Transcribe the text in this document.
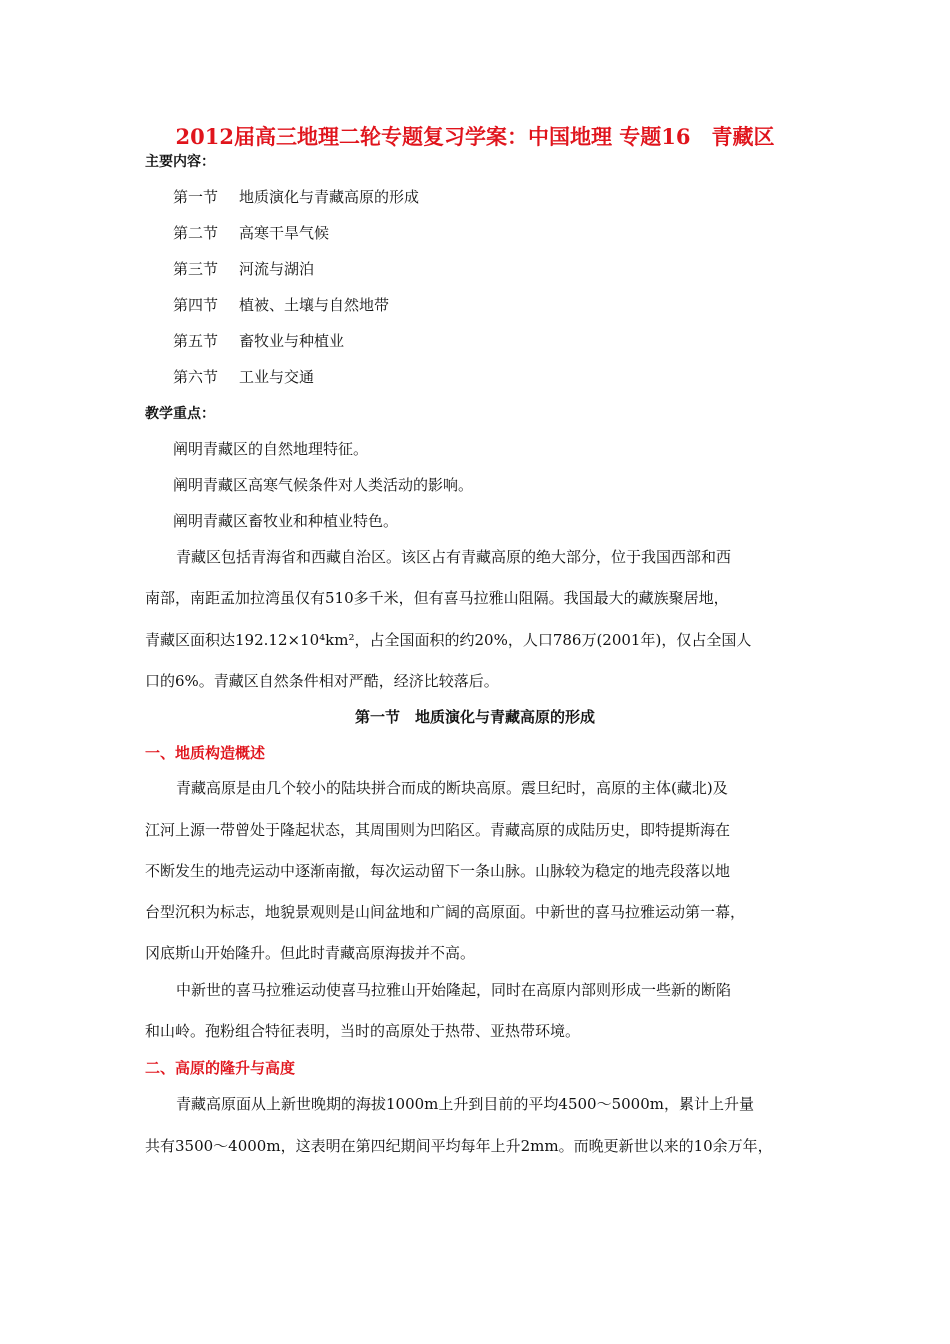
2012届高三地理二轮专题复习学案：中国地理 专题16　青藏区
主要内容：
第一节 地质演化与青藏高原的形成
第二节 高寒干旱气候
第三节 河流与湖泊
第四节 植被、土壤与自然地带
第五节 畜牧业与种植业
第六节 工业与交通
教学重点：
阐明青藏区的自然地理特征。
阐明青藏区高寒气候条件对人类活动的影响。
阐明青藏区畜牧业和种植业特色。
青藏区包括青海省和西藏自治区。该区占有青藏高原的绝大部分，位于我国西部和西
南部，南距孟加拉湾虽仅有510多千米，但有喜马拉雅山阻隔。我国最大的藏族聚居地，
青藏区面积达192.12×10⁴km²，占全国面积的约20%，人口786万(2001年)，仅占全国人
口的6%。青藏区自然条件相对严酷，经济比较落后。
第一节　地质演化与青藏高原的形成
一、地质构造概述
青藏高原是由几个较小的陆块拼合而成的断块高原。震旦纪时，高原的主体(藏北)及
江河上源一带曾处于隆起状态，其周围则为凹陷区。青藏高原的成陆历史，即特提斯海在
不断发生的地壳运动中逐渐南撤，每次运动留下一条山脉。山脉较为稳定的地壳段落以地
台型沉积为标志，地貌景观则是山间盆地和广阔的高原面。中新世的喜马拉雅运动第一幕，
冈底斯山开始隆升。但此时青藏高原海拔并不高。
中新世的喜马拉雅运动使喜马拉雅山开始隆起，同时在高原内部则形成一些新的断陷
和山岭。孢粉组合特征表明，当时的高原处于热带、亚热带环境。
二、高原的隆升与高度
青藏高原面从上新世晚期的海拔1000m上升到目前的平均4500～5000m，累计上升量
共有3500～4000m，这表明在第四纪期间平均每年上升2mm。而晚更新世以来的10余万年，
